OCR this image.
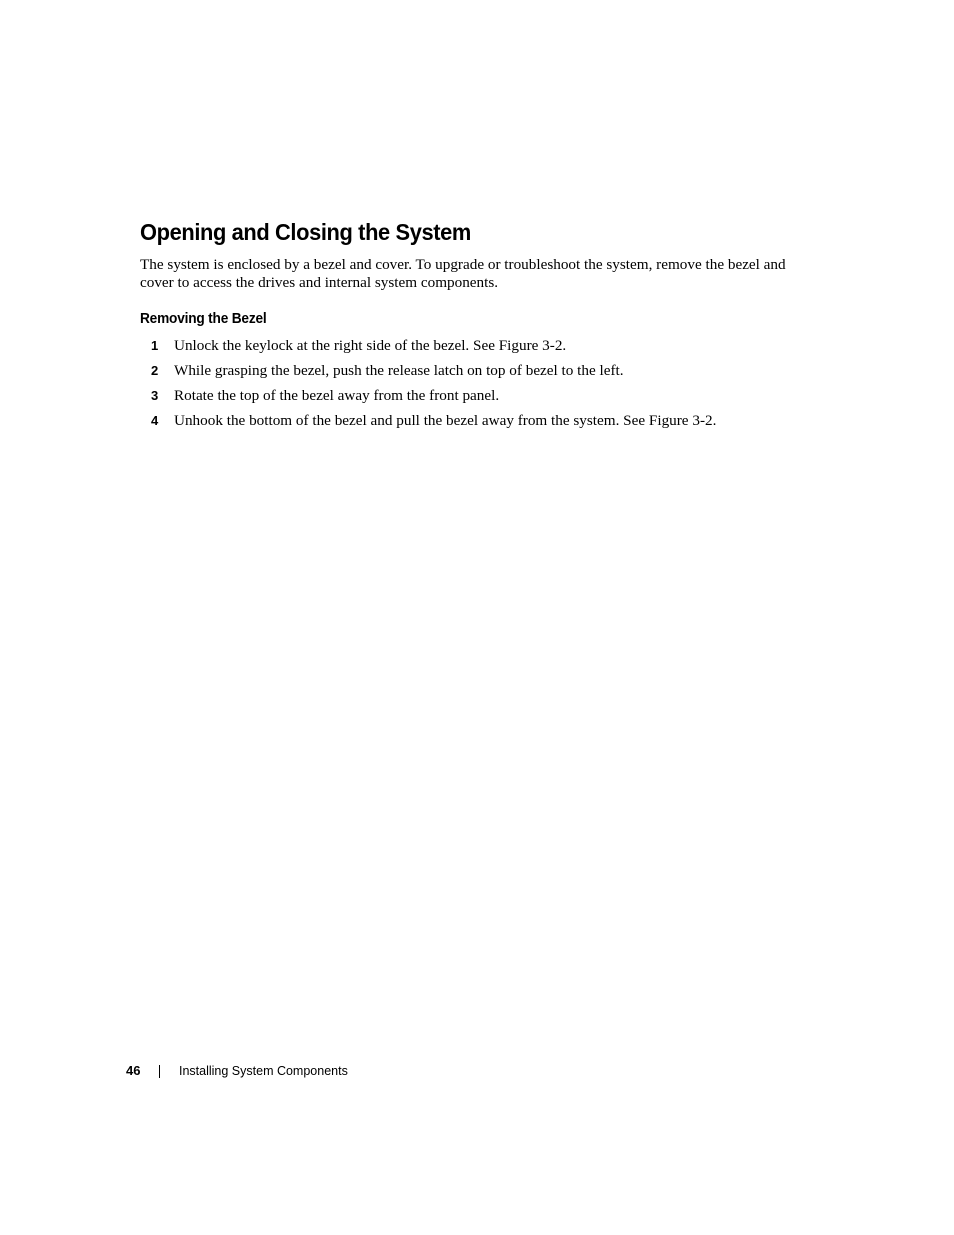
Opening and Closing the System

The system is enclosed by a bezel and cover. To upgrade or troubleshoot the system, remove the bezel and cover to access the drives and internal system components.

Removing the Bezel
1 Unlock the keylock at the right side of the bezel. See Figure 3-2.
2 While grasping the bezel, push the release latch on top of bezel to the left.
3 Rotate the top of the bezel away from the front panel.
4 Unhook the bottom of the bezel and pull the bezel away from the system. See Figure 3-2.
46	Installing System Components
